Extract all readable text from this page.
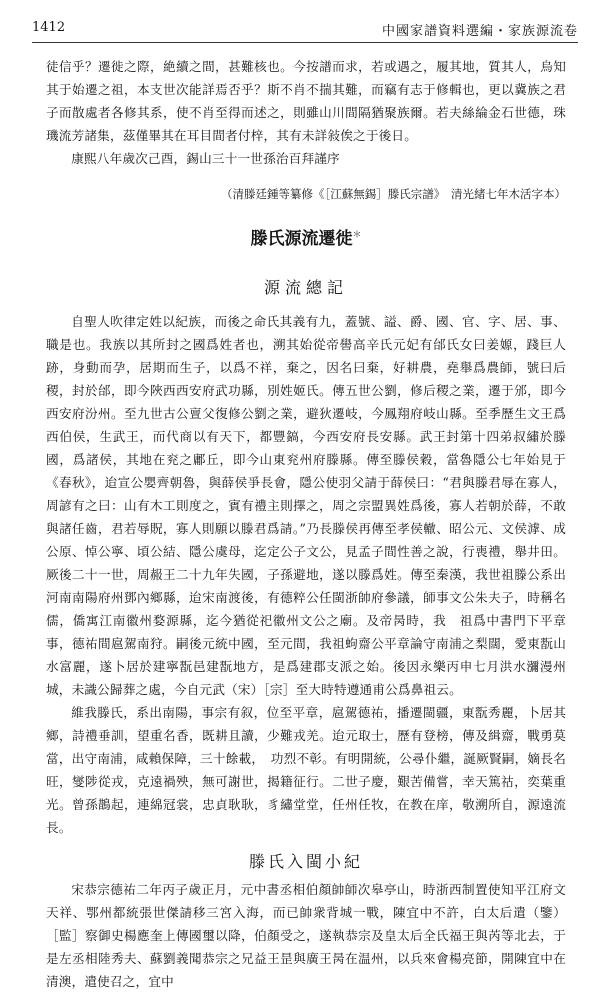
1412	中國家譜資料選編・家族源流卷

徒信乎？遷徙之際，絶續之間，甚難核也。今按譜而求，若或遇之，履其地，質其人，烏知其于始遷之祖，本支世次能詳焉否乎？斯不肖不揣其難，而竊有志于修輯也，更以冀族之君子而散處者各修其系，使不肖至得而述之，則雖山川間隔猶聚族爾。若夫絲綸金石世德，珠璣流芳諸集，茲僅畢其在耳目間者付梓，其有未詳敍俟之于後日。

康熙八年歲次己酉，錫山三十一世孫治百拜謹序

（清滕廷鍾等纂修《［江蘇無錫］滕氏宗譜》　清光緒七年木活字本）
滕氏源流遷徙＊
源流總記

自聖人吹律定姓以紀族，而後之命氏其義有九，蓋號、謚、爵、國、官、字、居、事、職是也。我族以其所封之國爲姓者也，溯其始從帝嚳高辛氏元妃有邰氏女曰姜嫄，踐巨人跡，身動而孕，居期而生子，以爲不祥，棄之，因名曰棄，好耕農，堯舉爲農師，號曰后稷，封於邰，即今陜西西安府武功縣，別姓姬氏。傳五世公劉，修后稷之業，遷于邠，即今西安府汾州。至九世古公亶父復修公劉之業，避狄遷岐，今鳳翔府岐山縣。至季歷生文王爲西伯侯，生武王，而代商以有天下，都豐鎬，今西安府長安縣。武王封第十四弟叔繡於滕國，爲諸侯，其地在兖之鄘丘，即今山東兖州府滕縣。傳至滕侯穀，當魯隱公七年始見于《春秋》，迨宣公嬰齊朝魯，與薛侯爭長會，隱公使羽父請于薛侯曰：“君與滕君辱在寡人，周諺有之曰：山有木工則度之，賓有禮主則擇之，周之宗盟異姓爲後，寡人若朝於薛，不敢與諸任齒，君若辱貺，寡人則願以滕君爲請。”乃長滕侯再傳至孝侯轍、昭公元、文侯滹、成公原、悼公寧、頃公結、隱公虞母，迄定公子文公，見孟子間性善之說，行喪禮，舉井田。厥後二十一世，周赧王二十九年失國，子孫避地，遂以滕爲姓。傳至秦漢，我世祖滕公系出河南南陽府州鄧內鄉縣，迨宋南渡後，有德粹公任閩浙帥府參議，師事文公朱夫子，時稱名儒，僑寓江南徽州婺源縣，迄今猶從祀徽州文公之廟。及帝昺時，我　祖爲中書門下平章事，德祐間扈駕南狩。嗣後元統中國，至元間，我祖蚼齋公平章論守南浦之梨闊，愛東翫山水富麗，遂卜居於建寧翫邑建翫地方，是爲建郡支派之始。後因永樂丙申七月洪水瀰漫州城，未識公歸葬之處，今自元武（宋）［宗］至大時特遵通甫公爲鼻祖云。

維我滕氏，系出南陽，事宗有叙，位至平章，扈駕德祐，播遷閩疆，東翫秀麗，卜居其鄉，詩禮垂訓，望重名香，既耕且讀，少難戎羌。迨元取士，歷有登榜，傳及緝齋，戰勇莫當，出守南浦，咸賴保障，三十餘載，　功烈不彰。有明開統，公尋仆繼，誕厥賢嗣，嫡長名旺，燮陟從戎，克遠禍殃，無可謝世，揭籍征行。二世子慶，艱苦備嘗，幸天篤祜，奕葉重光。曾孫鵲起，連綿冠裳，忠貞耿耿，豸繡堂堂，任州任牧，在教在庠，敬溯所自，源遠流長。

滕氏入閩小紀

宋恭宗德祐二年丙子歲正月，元中書丞相伯顏帥師次皋亭山，時浙西制置使知平江府文天祥、鄂州都統張世傑請移三宮入海，而已帥衆背城一戰，陳宜中不許，白太后遣（鑒）［監］察御史楊應奎上傳國璽以降，伯顏受之，遂執恭宗及皇太后全氏福王與芮等北去，于是左丞相陸秀夫、蘇劉義聞恭宗之兄益王昰與廣王昺在温州，以兵來會楊亮節，開陳宜中在清澳，遣使召之，宜中
